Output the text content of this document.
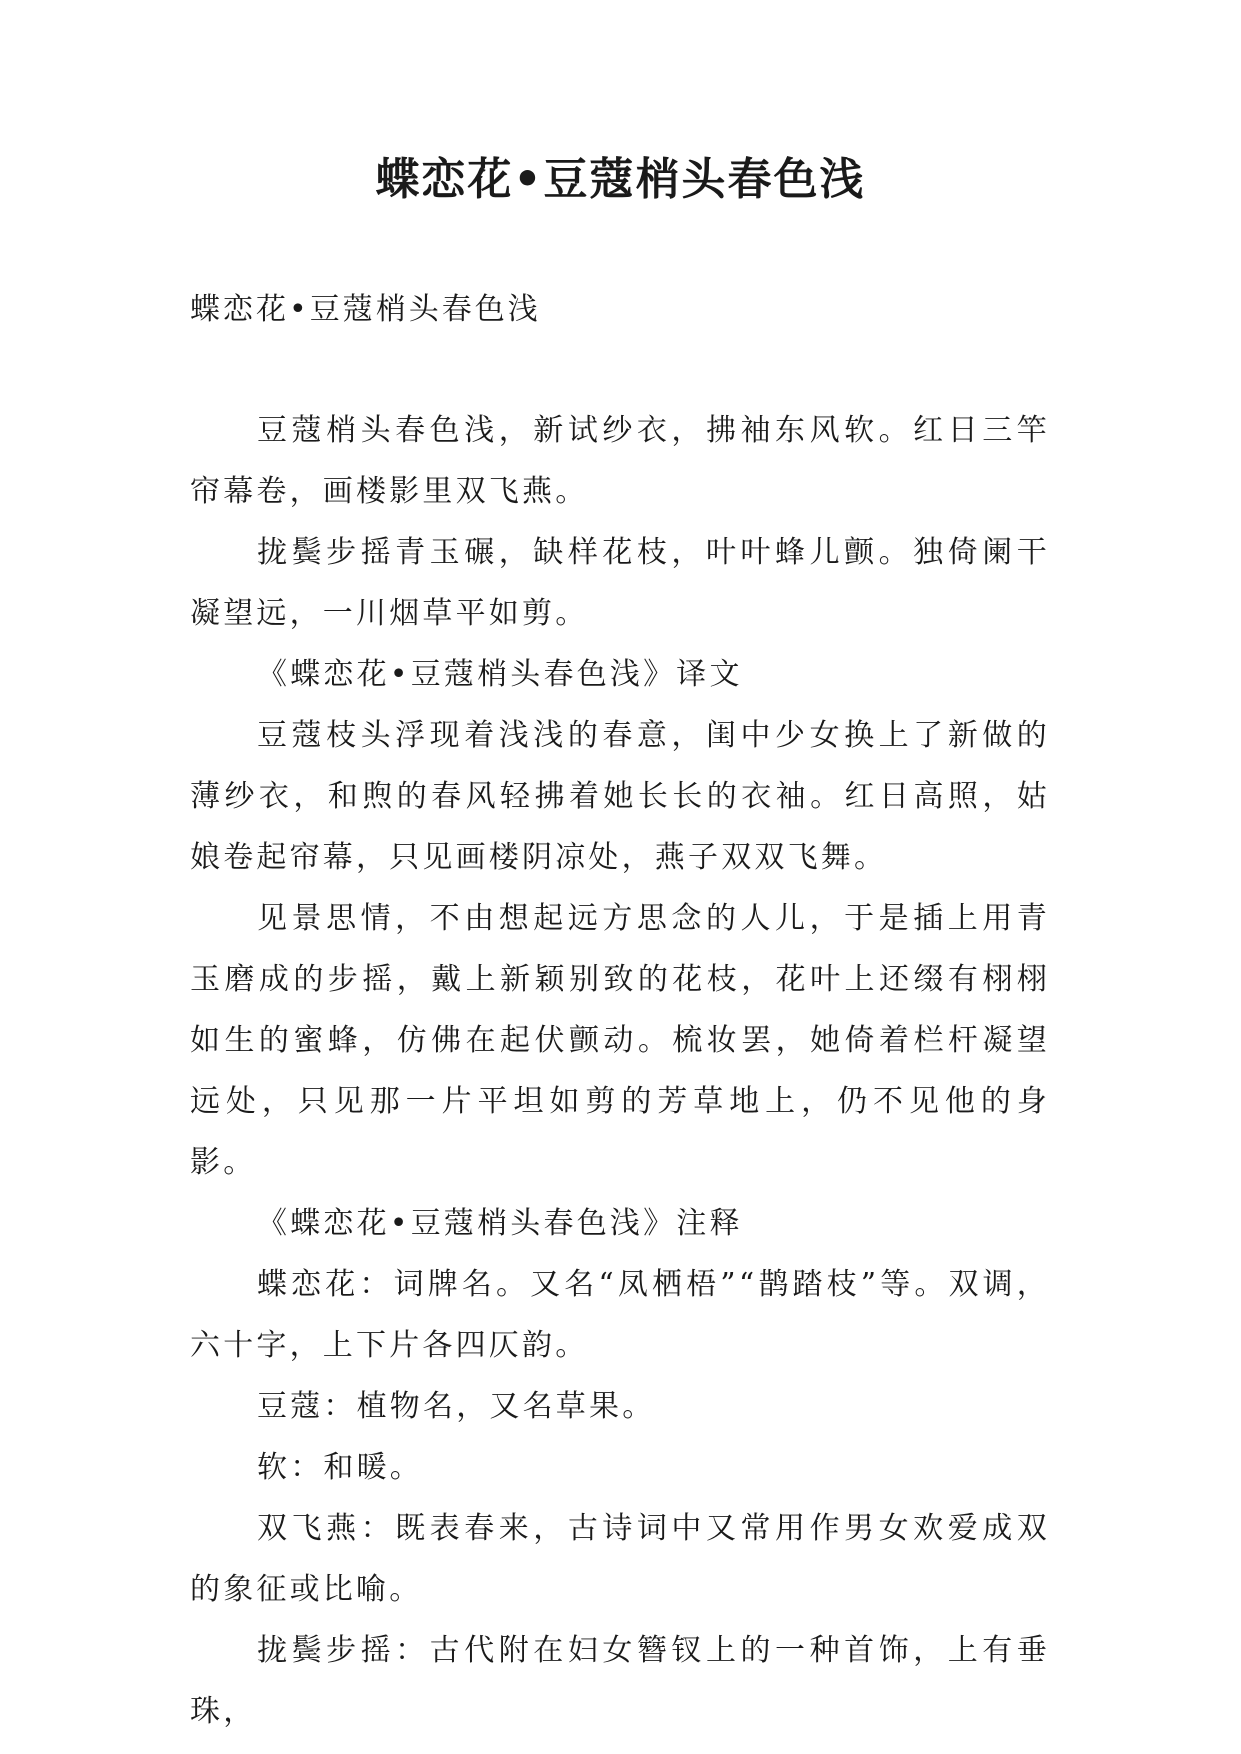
蝶恋花•豆蔻梢头春色浅
蝶恋花•豆蔻梢头春色浅

豆蔻梢头春色浅，新试纱衣，拂袖东风软。红日三竿帘幕卷，画楼影里双飞燕。

拢鬓步摇青玉碾，缺样花枝，叶叶蜂儿颤。独倚阑干凝望远，一川烟草平如剪。

《蝶恋花•豆蔻梢头春色浅》译文

豆蔻枝头浮现着浅浅的春意，闺中少女换上了新做的薄纱衣，和煦的春风轻拂着她长长的衣袖。红日高照，姑娘卷起帘幕，只见画楼阴凉处，燕子双双飞舞。

见景思情，不由想起远方思念的人儿，于是插上用青玉磨成的步摇，戴上新颖别致的花枝，花叶上还缀有栩栩如生的蜜蜂，仿佛在起伏颤动。梳妆罢，她倚着栏杆凝望远处，只见那一片平坦如剪的芳草地上，仍不见他的身影。

《蝶恋花•豆蔻梢头春色浅》注释

蝶恋花：词牌名。又名“凤栖梧”“鹊踏枝”等。双调，六十字，上下片各四仄韵。

豆蔻：植物名，又名草果。

软：和暖。

双飞燕：既表春来，古诗词中又常用作男女欢爱成双的象征或比喻。

拢鬓步摇：古代附在妇女簪钗上的一种首饰，上有垂珠，
